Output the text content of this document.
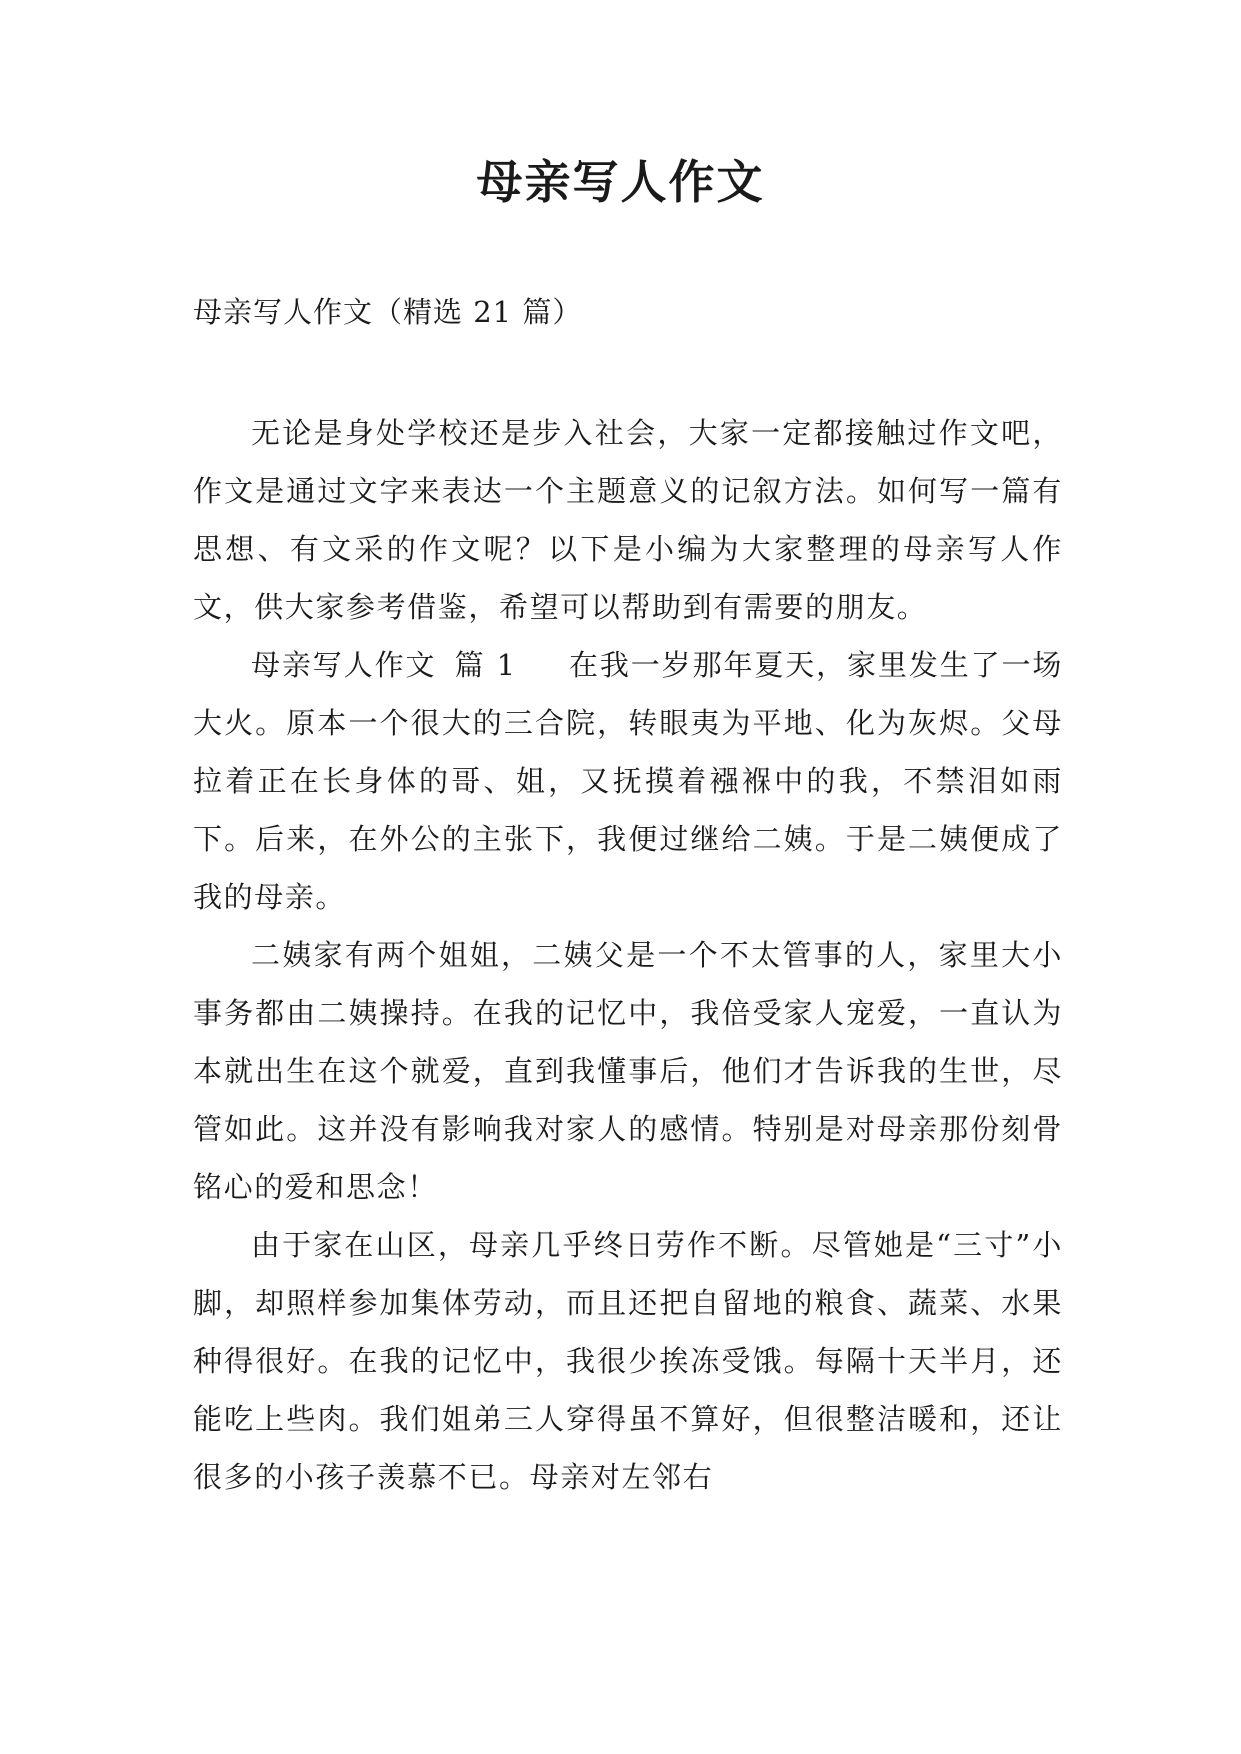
母亲写人作文
母亲写人作文（精选 21 篇）

无论是身处学校还是步入社会，大家一定都接触过作文吧，作文是通过文字来表达一个主题意义的记叙方法。如何写一篇有思想、有文采的作文呢？以下是小编为大家整理的母亲写人作文，供大家参考借鉴，希望可以帮助到有需要的朋友。

母亲写人作文 篇 1 在我一岁那年夏天，家里发生了一场大火。原本一个很大的三合院，转眼夷为平地、化为灰烬。父母拉着正在长身体的哥、姐，又抚摸着襁褓中的我，不禁泪如雨下。后来，在外公的主张下，我便过继给二姨。于是二姨便成了我的母亲。

二姨家有两个姐姐，二姨父是一个不太管事的人，家里大小事务都由二姨操持。在我的记忆中，我倍受家人宠爱，一直认为本就出生在这个就爱，直到我懂事后，他们才告诉我的生世，尽管如此。这并没有影响我对家人的感情。特别是对母亲那份刻骨铭心的爱和思念！

由于家在山区，母亲几乎终日劳作不断。尽管她是“三寸”小脚，却照样参加集体劳动，而且还把自留地的粮食、蔬菜、水果种得很好。在我的记忆中，我很少挨冻受饿。每隔十天半月，还能吃上些肉。我们姐弟三人穿得虽不算好，但很整洁暖和，还让很多的小孩子羡慕不已。母亲对左邻右
